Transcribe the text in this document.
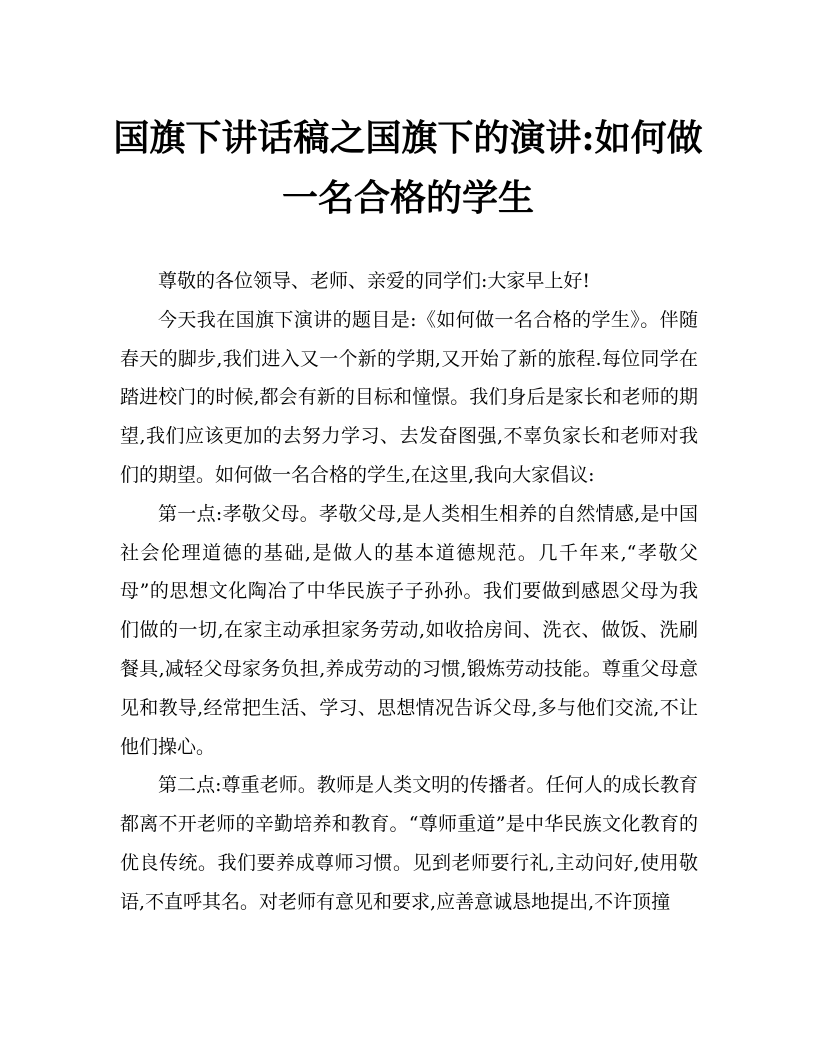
国旗下讲话稿之国旗下的演讲:如何做一名合格的学生

尊敬的各位领导、老师、亲爱的同学们:大家早上好!

今天我在国旗下演讲的题目是:《如何做一名合格的学生》。伴随春天的脚步,我们进入又一个新的学期,又开始了新的旅程.每位同学在踏进校门的时候,都会有新的目标和憧憬。我们身后是家长和老师的期望,我们应该更加的去努力学习、去发奋图强,不辜负家长和老师对我们的期望。如何做一名合格的学生,在这里,我向大家倡议:

第一点:孝敬父母。孝敬父母,是人类相生相养的自然情感,是中国社会伦理道德的基础,是做人的基本道德规范。几千年来,“孝敬父母”的思想文化陶冶了中华民族子子孙孙。我们要做到感恩父母为我们做的一切,在家主动承担家务劳动,如收拾房间、洗衣、做饭、洗刷餐具,减轻父母家务负担,养成劳动的习惯,锻炼劳动技能。尊重父母意见和教导,经常把生活、学习、思想情况告诉父母,多与他们交流,不让他们操心。

第二点:尊重老师。教师是人类文明的传播者。任何人的成长教育都离不开老师的辛勤培养和教育。“尊师重道”是中华民族文化教育的优良传统。我们要养成尊师习惯。见到老师要行礼,主动问好,使用敬语,不直呼其名。对老师有意见和要求,应善意诚恳地提出,不许顶撞
